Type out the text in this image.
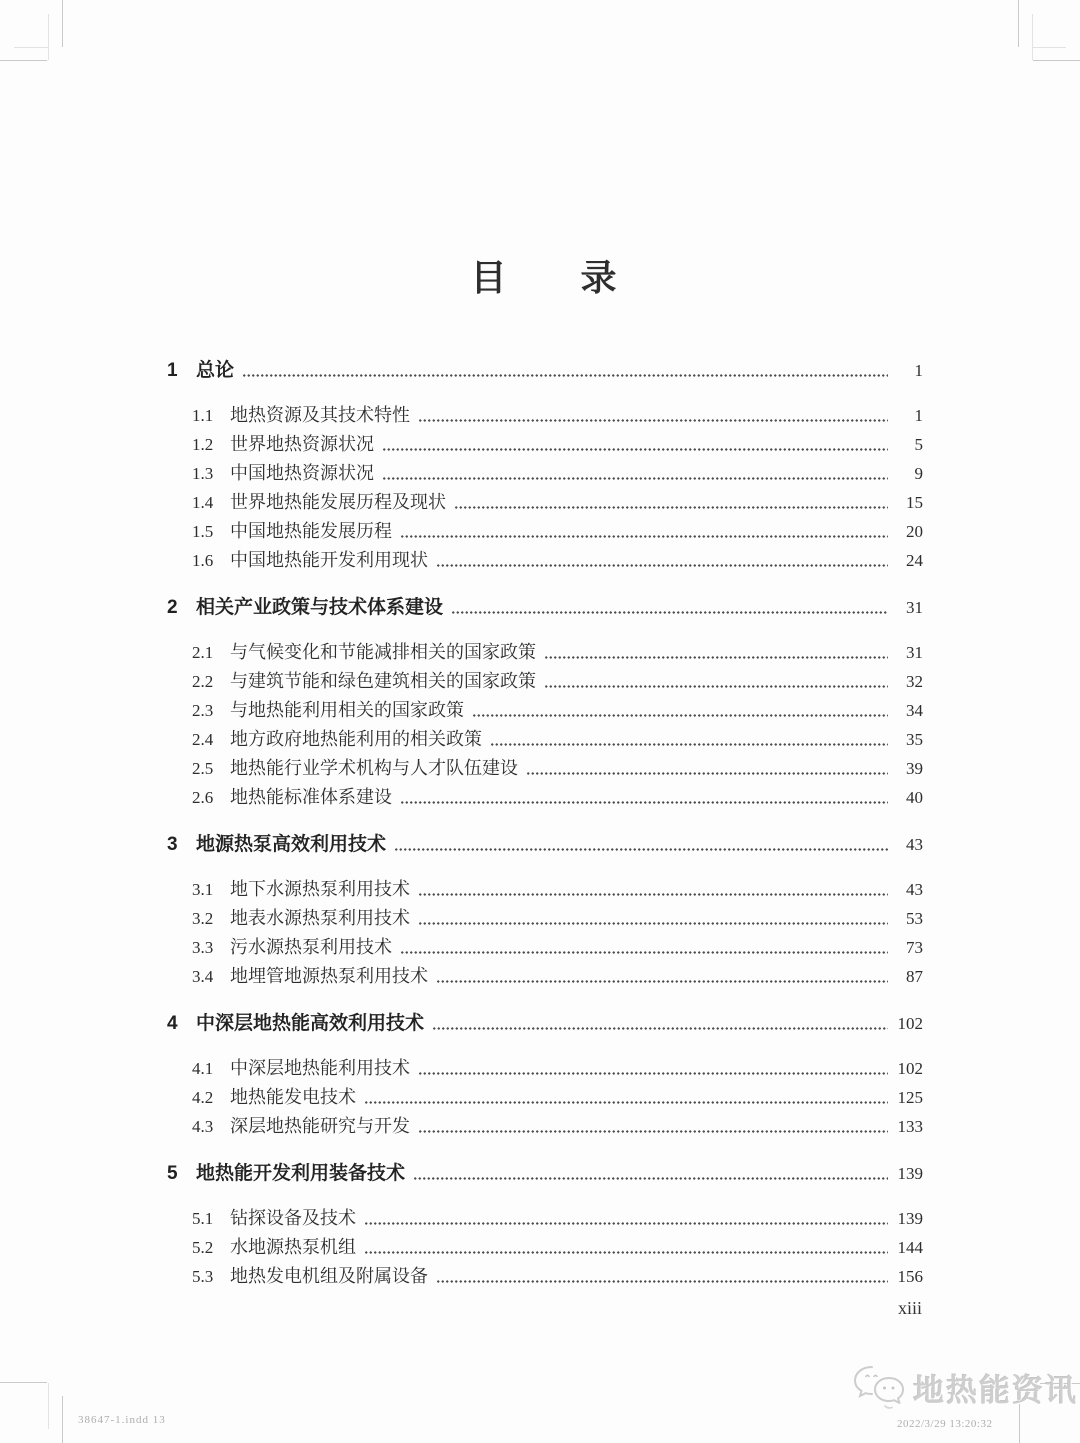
目 录
1 总论	1
1.1 地热资源及其技术特性	1
1.2 世界地热资源状况	5
1.3 中国地热资源状况	9
1.4 世界地热能发展历程及现状	15
1.5 中国地热能发展历程	20
1.6 中国地热能开发利用现状	24
2 相关产业政策与技术体系建设	31
2.1 与气候变化和节能减排相关的国家政策	31
2.2 与建筑节能和绿色建筑相关的国家政策	32
2.3 与地热能利用相关的国家政策	34
2.4 地方政府地热能利用的相关政策	35
2.5 地热能行业学术机构与人才队伍建设	39
2.6 地热能标准体系建设	40
3 地源热泵高效利用技术	43
3.1 地下水源热泵利用技术	43
3.2 地表水源热泵利用技术	53
3.3 污水源热泵利用技术	73
3.4 地埋管地源热泵利用技术	87
4 中深层地热能高效利用技术	102
4.1 中深层地热能利用技术	102
4.2 地热能发电技术	125
4.3 深层地热能研究与开发	133
5 地热能开发利用装备技术	139
5.1 钻探设备及技术	139
5.2 水地源热泵机组	144
5.3 地热发电机组及附属设备	156
xiii
38647-1.indd 13
地热能资讯
2022/3/29 13:20:32
